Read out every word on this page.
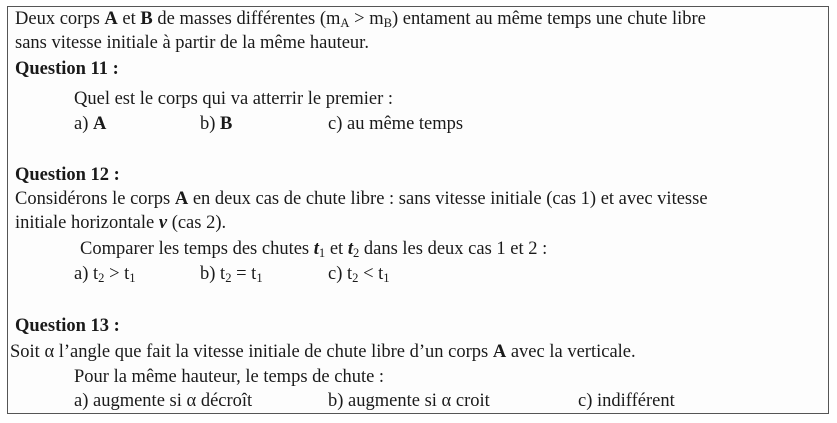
Deux corps A et B de masses différentes $(m_A > m_B)$ entament au même temps une chute libre
sans vitesse initiale à partir de la même hauteur.
Question 11 :
Quel est le corps qui va atterrir le premier :
a) A	b) B	c) au même temps
Question 12 :
Considérons le corps A en deux cas de chute libre : sans vitesse initiale (cas 1) et avec vitesse
initiale horizontale v (cas 2).
Comparer les temps des chutes $t_1$ et $t_2$ dans les deux cas 1 et 2 :
a) $t_2 > t_1$	b) $t_2 = t_1$	c) $t_2 < t_1$
Question 13 :
Soit α l’angle que fait la vitesse initiale de chute libre d’un corps A avec la verticale.
Pour la même hauteur, le temps de chute :
a) augmente si α décroît	b) augmente si α croit	c) indifférent
